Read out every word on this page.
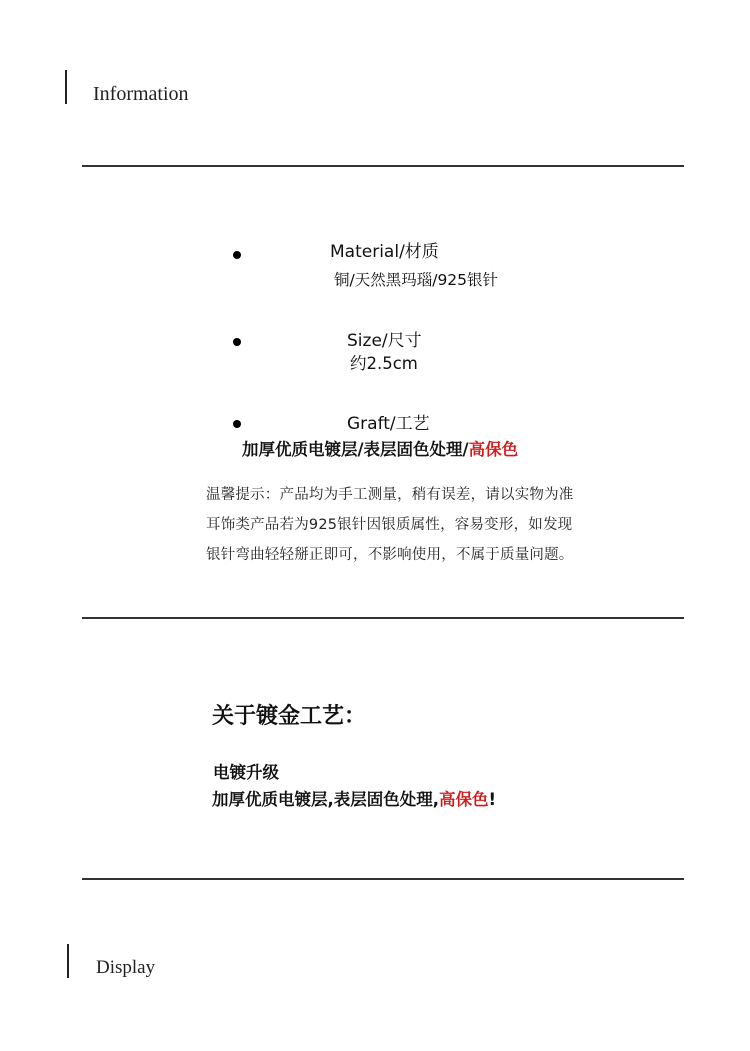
Information
Material/材质
铜/天然黑玛瑙/925银针
Size/尺寸
约2.5cm
Graft/工艺
加厚优质电镀层/表层固色处理/高保色
温馨提示：产品均为手工测量，稍有误差，请以实物为准
耳饰类产品若为925银针因银质属性，容易变形，如发现
银针弯曲轻轻掰正即可，不影响使用，不属于质量问题。
关于镀金工艺：
电镀升级
加厚优质电镀层,表层固色处理,高保色!
Display
